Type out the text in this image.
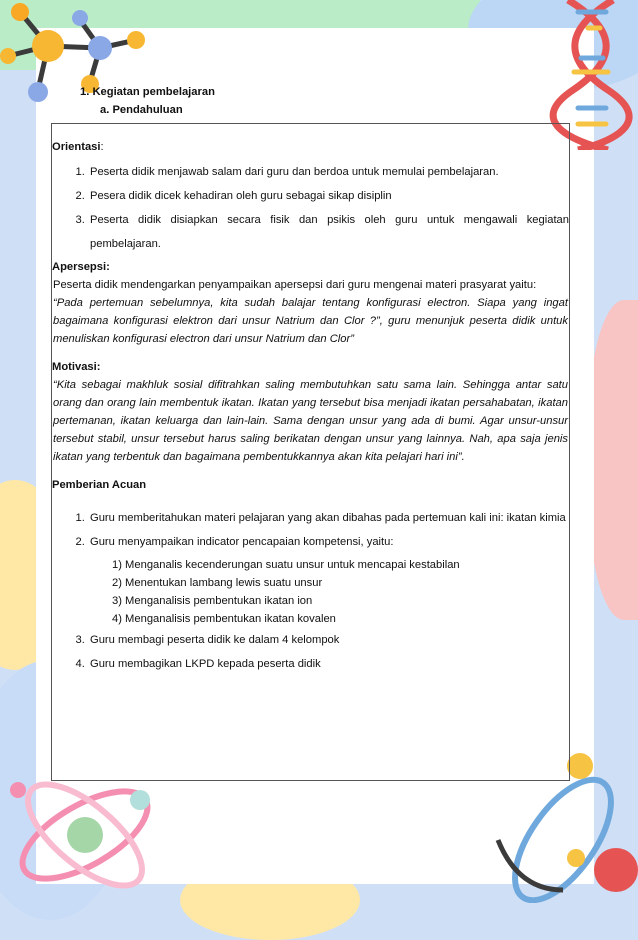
1. Kegiatan pembelajaran
a. Pendahuluan
Orientasi:
1. Peserta didik menjawab salam dari guru dan berdoa untuk memulai pembelajaran.
2. Pesera didik dicek kehadiran oleh guru sebagai sikap disiplin
3. Peserta didik disiapkan secara fisik dan psikis oleh guru untuk mengawali kegiatan pembelajaran.
Apersepsi:
Peserta didik mendengarkan penyampaikan apersepsi dari guru mengenai materi prasyarat yaitu:
“Pada pertemuan sebelumnya, kita sudah balajar tentang konfigurasi electron. Siapa yang ingat bagaimana konfigurasi elektron dari unsur Natrium dan Clor ?”, guru menunjuk peserta didik untuk menuliskan konfigurasi electron dari unsur Natrium dan Clor”
Motivasi:
“Kita sebagai makhluk sosial difitrahkan saling membutuhkan satu sama lain. Sehingga antar satu orang dan orang lain membentuk ikatan. Ikatan yang tersebut bisa menjadi ikatan persahabatan, ikatan pertemanan, ikatan keluarga dan lain-lain. Sama dengan unsur yang ada di bumi. Agar unsur-unsur tersebut stabil, unsur tersebut harus saling berikatan dengan unsur yang lainnya. Nah, apa saja jenis ikatan yang terbentuk dan bagaimana pembentukkannya akan kita pelajari hari ini”.
Pemberian Acuan
1. Guru memberitahukan materi pelajaran yang akan dibahas pada pertemuan kali ini: ikatan kimia
2. Guru menyampaikan indicator pencapaian kompetensi, yaitu:
1) Menganalis kecenderungan suatu unsur untuk mencapai kestabilan
2) Menentukan lambang lewis suatu unsur
3) Menganalisis pembentukan ikatan ion
4) Menganalisis pembentukan ikatan kovalen
3. Guru membagi peserta didik ke dalam 4 kelompok
4. Guru membagikan LKPD kepada peserta didik
